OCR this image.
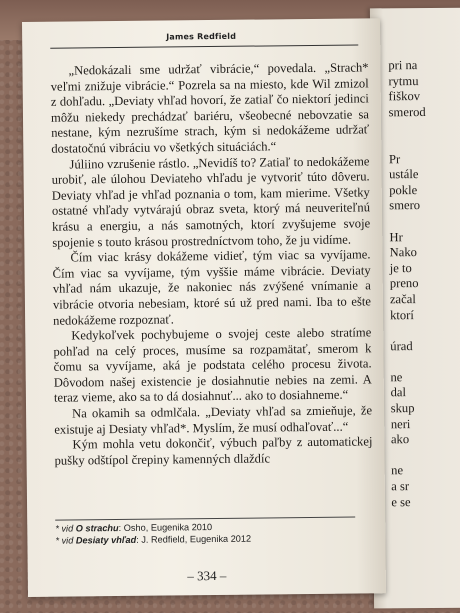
pri na
rytmu
fiškov
smerod
Pr
ustále
pokle
smero
Hr
Nako
je to
preno
začal
ktorí
úrad
ne
dal
skup
neri
ako
ne
a sr
e se
James Redfield

„Nedokázali sme udržať vibrácie,“ povedala. „Strach* veľmi znižuje vibrácie.“ Pozrela sa na miesto, kde Wil zmizol z dohľadu. „Deviaty vhľad hovorí, že zatiaľ čo niektorí jedinci môžu niekedy prechádzať bariéru, všeobecné nebovzatie sa nestane, kým nezrušíme strach, kým si nedokážeme udržať dostatočnú vibráciu vo všetkých situáciách.“

Júliino vzrušenie rástlo. „Nevidíš to? Zatiaľ to nedokážeme urobiť, ale úlohou Deviateho vhľadu je vytvoriť túto dôveru. Deviaty vhľad je vhľad poznania o tom, kam mierime. Všetky ostatné vhľady vytvárajú obraz sveta, ktorý má neuveriteľnú krásu a energiu, a nás samotných, ktorí zvyšujeme svoje spojenie s touto krásou prostredníctvom toho, že ju vidíme.

Čím viac krásy dokážeme vidieť, tým viac sa vyvíjame. Čím viac sa vyvíjame, tým vyššie máme vibrácie. Deviaty vhľad nám ukazuje, že nakoniec nás zvýšené vnímanie a vibrácie otvoria nebesiam, ktoré sú už pred nami. Iba to ešte nedokážeme rozpoznať.

Kedykoľvek pochybujeme o svojej ceste alebo stratíme pohľad na celý proces, musíme sa rozpamätať, smerom k čomu sa vyvíjame, aká je podstata celého procesu života. Dôvodom našej existencie je dosiahnutie nebies na zemi. A teraz vieme, ako sa to dá dosiahnuť... ako to dosiahneme.“

Na okamih sa odmlčala. „Deviaty vhľad sa zmieňuje, že existuje aj Desiaty vhľad*. Myslím, že musí odhaľovať...“

Kým mohla vetu dokončiť, výbuch paľby z automatickej pušky odštípol črepiny kamenných dlaždíc

* vid O strachu: Osho, Eugenika 2010

* vid Desiaty vhľad: J. Redfield, Eugenika 2012

– 334 –
